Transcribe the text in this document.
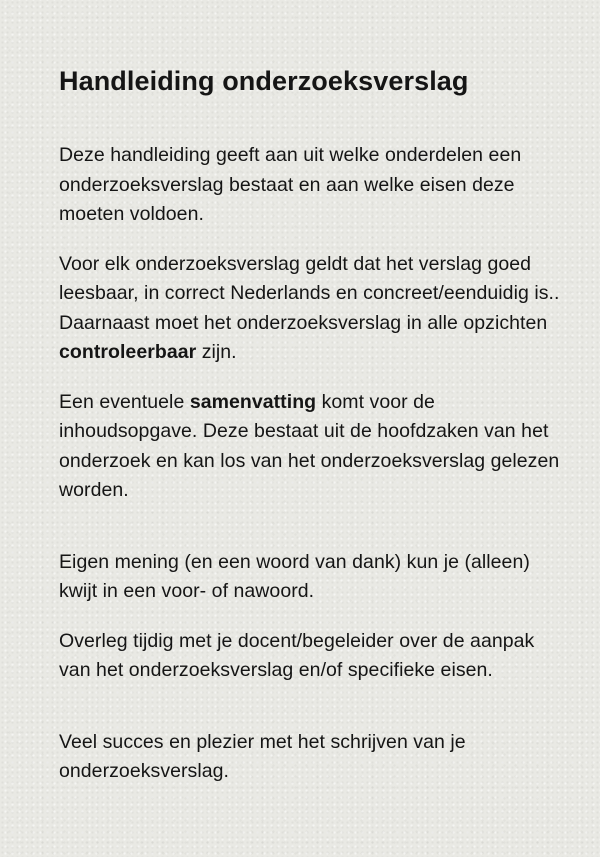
Handleiding onderzoeksverslag

Deze handleiding geeft aan uit welke onderdelen een onderzoeksverslag bestaat en aan welke eisen deze moeten voldoen.

Voor elk onderzoeksverslag geldt dat het verslag goed leesbaar, in correct Nederlands en concreet/eenduidig is.. Daarnaast moet het onderzoeksverslag in alle opzichten controleerbaar zijn.

Een eventuele samenvatting komt voor de inhoudsopgave. Deze bestaat uit de hoofdzaken van het onderzoek en kan los van het onderzoeksverslag gelezen worden.

Eigen mening (en een woord van dank) kun je (alleen) kwijt in een voor- of nawoord.

Overleg tijdig met je docent/begeleider over de aanpak van het onderzoeksverslag en/of specifieke eisen.

Veel succes en plezier met het schrijven van je onderzoeksverslag.
